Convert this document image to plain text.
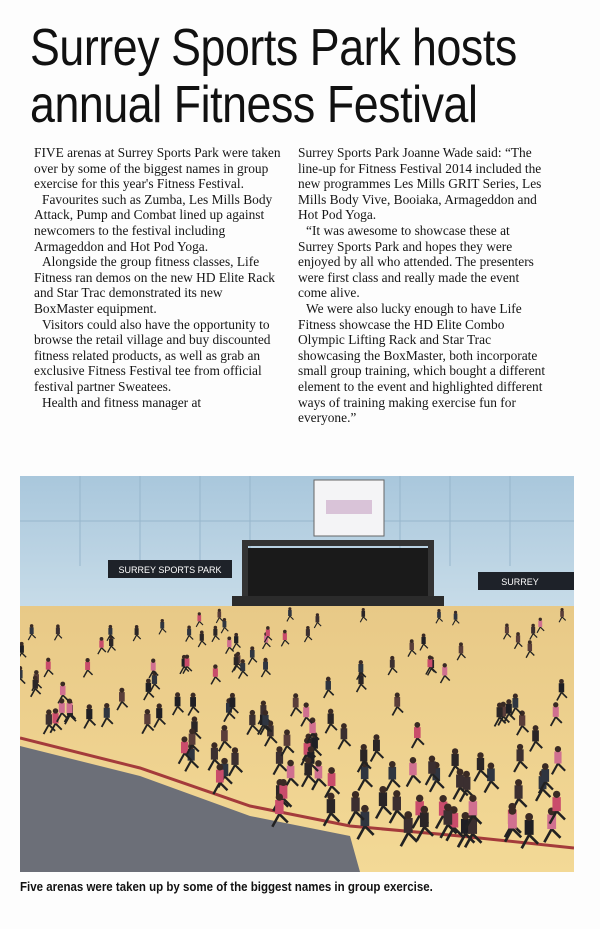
Surrey Sports Park hosts
annual Fitness Festival

FIVE arenas at Surrey Sports Park were taken over by some of the biggest names in group exercise for this year's Fitness Festival.

Favourites such as Zumba, Les Mills Body Attack, Pump and Combat lined up against newcomers to the festival including Armageddon and Hot Pod Yoga.

Alongside the group fitness classes, Life Fitness ran demos on the new HD Elite Rack and Star Trac demonstrated its new BoxMaster equipment.

Visitors could also have the opportunity to browse the retail village and buy discounted fitness related products, as well as grab an exclusive Fitness Festival tee from official festival partner Sweatees.

Health and fitness manager at

Surrey Sports Park Joanne Wade said: “The line-up for Fitness Festival 2014 included the new programmes Les Mills GRIT Series, Les Mills Body Vive, Booiaka, Armageddon and Hot Pod Yoga.

“It was awesome to showcase these at Surrey Sports Park and hopes they were enjoyed by all who attended. The presenters were first class and really made the event come alive.

We were also lucky enough to have Life Fitness showcase the HD Elite Combo Olympic Lifting Rack and Star Trac showcasing the BoxMaster, both incorporate small group training, which bought a different element to the event and highlighted different ways of training making exercise fun for everyone.”

SURREY SPORTS PARK
SURREY
Five arenas were taken up by some of the biggest names in group exercise.
